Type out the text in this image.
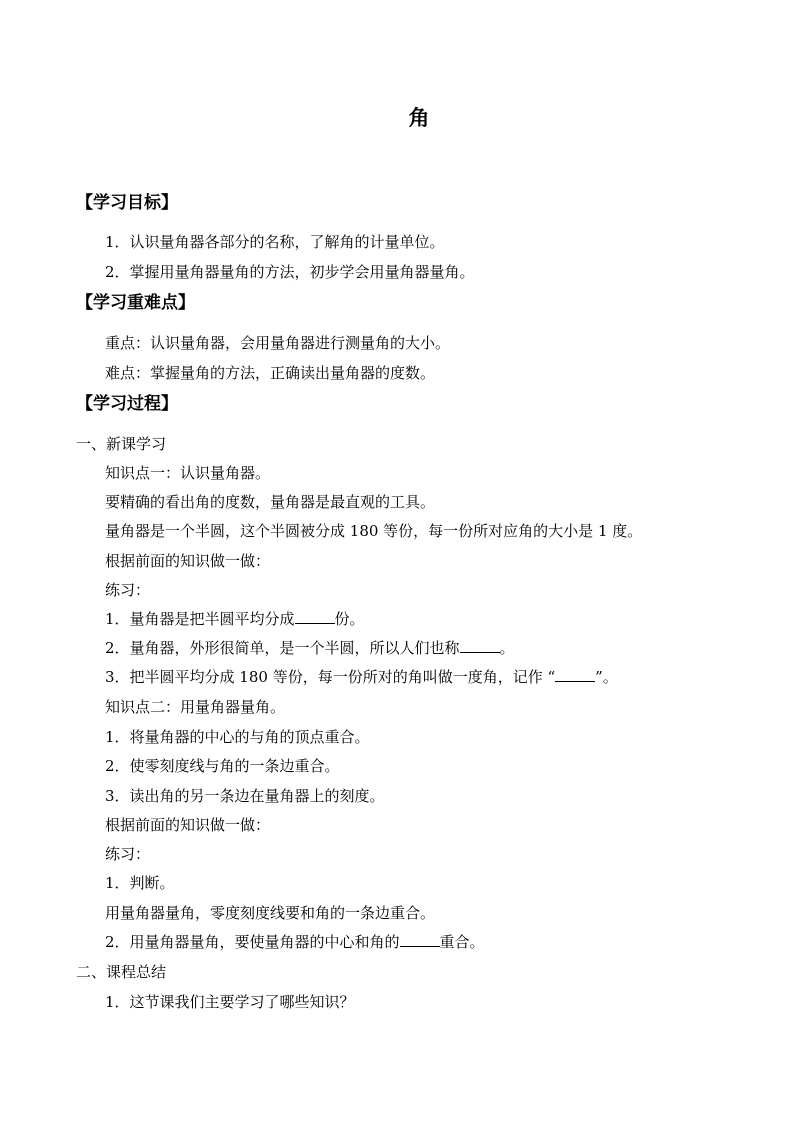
角
【学习目标】
1．认识量角器各部分的名称，了解角的计量单位。
2．掌握用量角器量角的方法，初步学会用量角器量角。
【学习重难点】
重点：认识量角器，会用量角器进行测量角的大小。
难点：掌握量角的方法，正确读出量角器的度数。
【学习过程】
一、新课学习
知识点一：认识量角器。
要精确的看出角的度数，量角器是最直观的工具。
量角器是一个半圆，这个半圆被分成 180 等份，每一份所对应角的大小是 1 度。
根据前面的知识做一做：
练习：
1．量角器是把半圆平均分成	份。
2．量角器，外形很简单，是一个半圆，所以人们也称	。
3．把半圆平均分成 180 等份，每一份所对的角叫做一度角，记作 “	”。
知识点二：用量角器量角。
1．将量角器的中心的与角的顶点重合。
2．使零刻度线与角的一条边重合。
3．读出角的另一条边在量角器上的刻度。
根据前面的知识做一做：
练习：
1．判断。
用量角器量角，零度刻度线要和角的一条边重合。
2．用量角器量角，要使量角器的中心和角的	重合。
二、课程总结
1．这节课我们主要学习了哪些知识？
